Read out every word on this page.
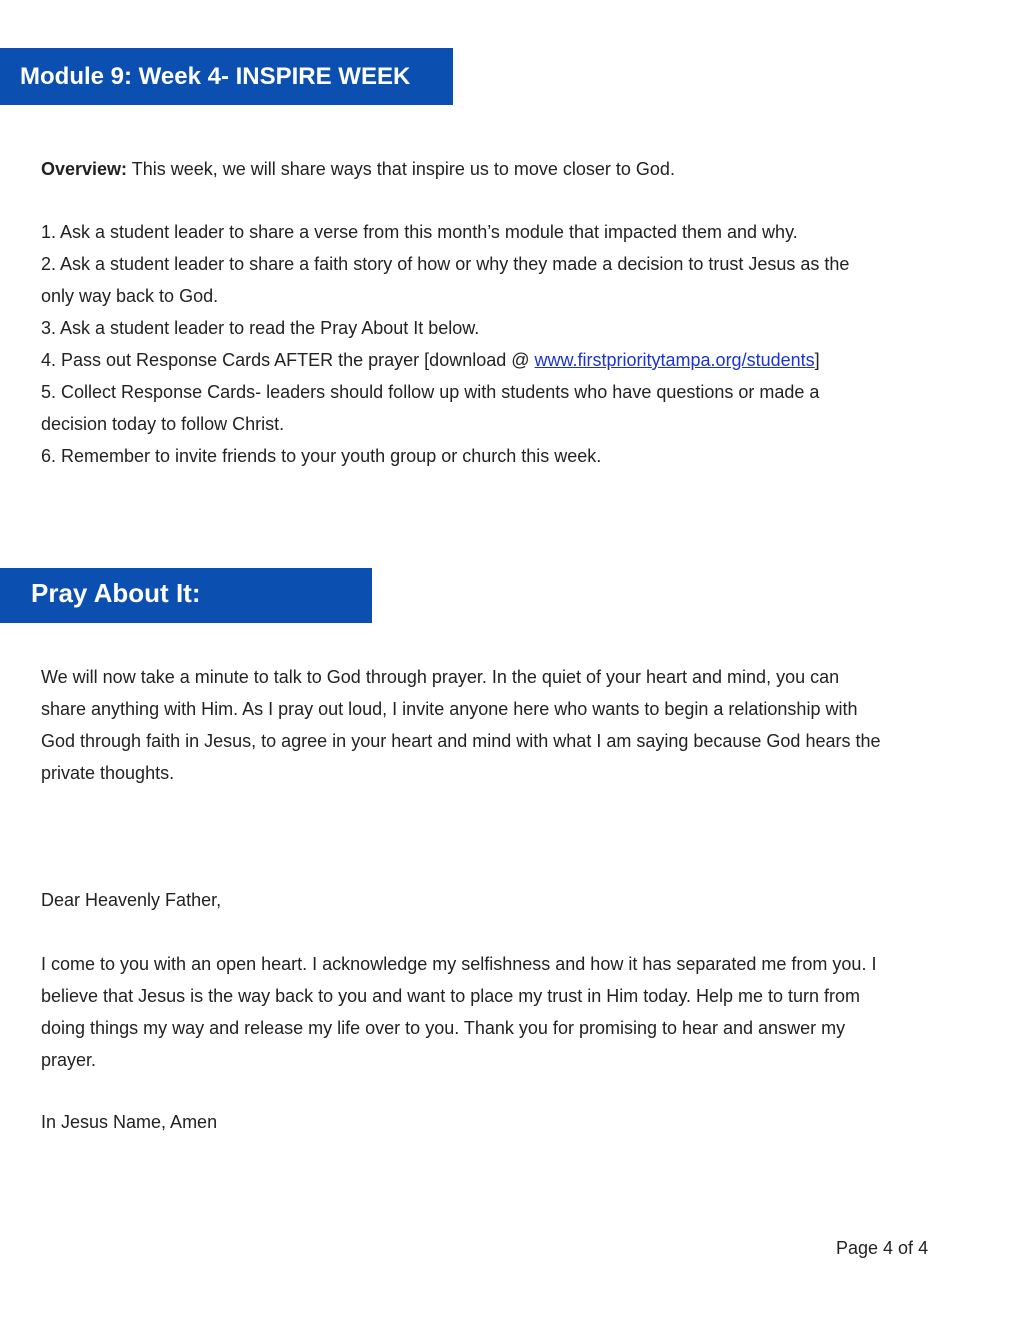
Module 9: Week 4- INSPIRE WEEK

Overview: This week, we will share ways that inspire us to move closer to God.

1. Ask a student leader to share a verse from this month’s module that impacted them and why.
2. Ask a student leader to share a faith story of how or why they made a decision to trust Jesus as the
only way back to God.
3. Ask a student leader to read the Pray About It below.
4. Pass out Response Cards AFTER the prayer [download @ www.firstprioritytampa.org/students]
5. Collect Response Cards- leaders should follow up with students who have questions or made a
decision today to follow Christ.
6. Remember to invite friends to your youth group or church this week.
Pray About It:
We will now take a minute to talk to God through prayer. In the quiet of your heart and mind, you can
share anything with Him. As I pray out loud, I invite anyone here who wants to begin a relationship with
God through faith in Jesus, to agree in your heart and mind with what I am saying because God hears the
private thoughts.

Dear Heavenly Father,

I come to you with an open heart. I acknowledge my selfishness and how it has separated me from you. I
believe that Jesus is the way back to you and want to place my trust in Him today. Help me to turn from
doing things my way and release my life over to you. Thank you for promising to hear and answer my
prayer.

In Jesus Name, Amen

Page 4 of 4
